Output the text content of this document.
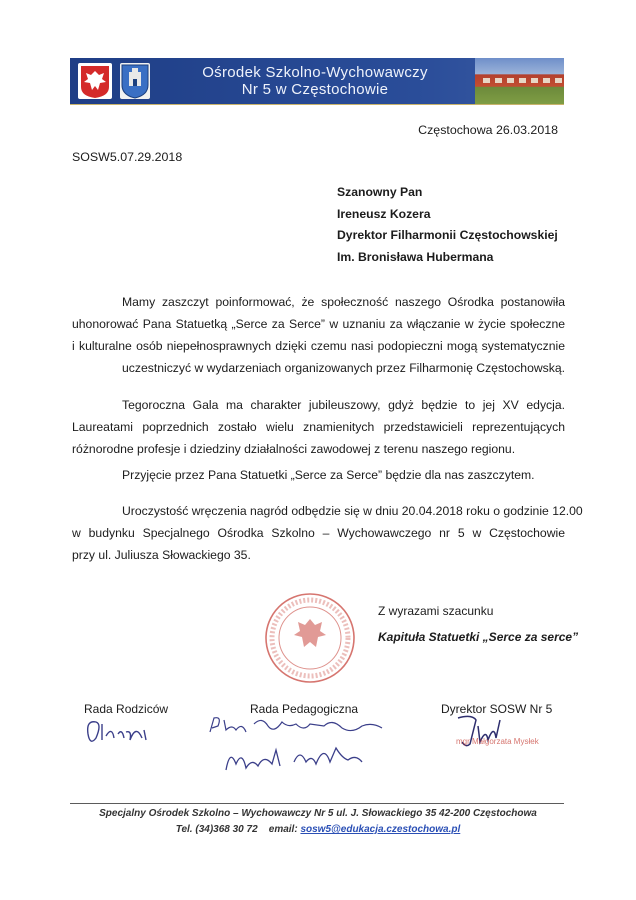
Ośrodek Szkolno-Wychowawczy
Nr 5 w Częstochowie
Częstochowa 26.03.2018
SOSW5.07.29.2018
Szanowny Pan
Ireneusz Kozera
Dyrektor Filharmonii Częstochowskiej
Im. Bronisława Hubermana
Mamy zaszczyt poinformować, że społeczność naszego Ośrodka postanowiła
uhonorować Pana Statuetką „Serce za Serce” w uznaniu za włączanie w życie społeczne
i kulturalne osób niepełnosprawnych dzięki czemu nasi podopieczni mogą systematycznie
uczestniczyć w wydarzeniach organizowanych przez Filharmonię Częstochowską.
Tegoroczna Gala ma charakter jubileuszowy, gdyż będzie to jej XV edycja.
Laureatami poprzednich zostało wielu znamienitych przedstawicieli reprezentujących
różnorodne profesje i dziedziny działalności zawodowej z terenu naszego regionu.
Przyjęcie przez Pana Statuetki „Serce za Serce” będzie dla nas zaszczytem.
Uroczystość wręczenia nagród odbędzie się w dniu 20.04.2018 roku o godzinie 12.00
w budynku Specjalnego Ośrodka Szkolno – Wychowawczego nr 5 w Częstochowie
przy ul. Juliusza Słowackiego 35.
Z wyrazami szacunku
Kapituła Statuetki „Serce za serce”
Rada Rodziców	Rada Pedagogiczna	Dyrektor SOSW Nr 5
mgr Małgorzata Mysłek
Specjalny Ośrodek Szkolno – Wychowawczy Nr 5 ul. J. Słowackiego 35 42-200 Częstochowa
Tel. (34)368 30 72 email: sosw5@edukacja.czestochowa.pl
